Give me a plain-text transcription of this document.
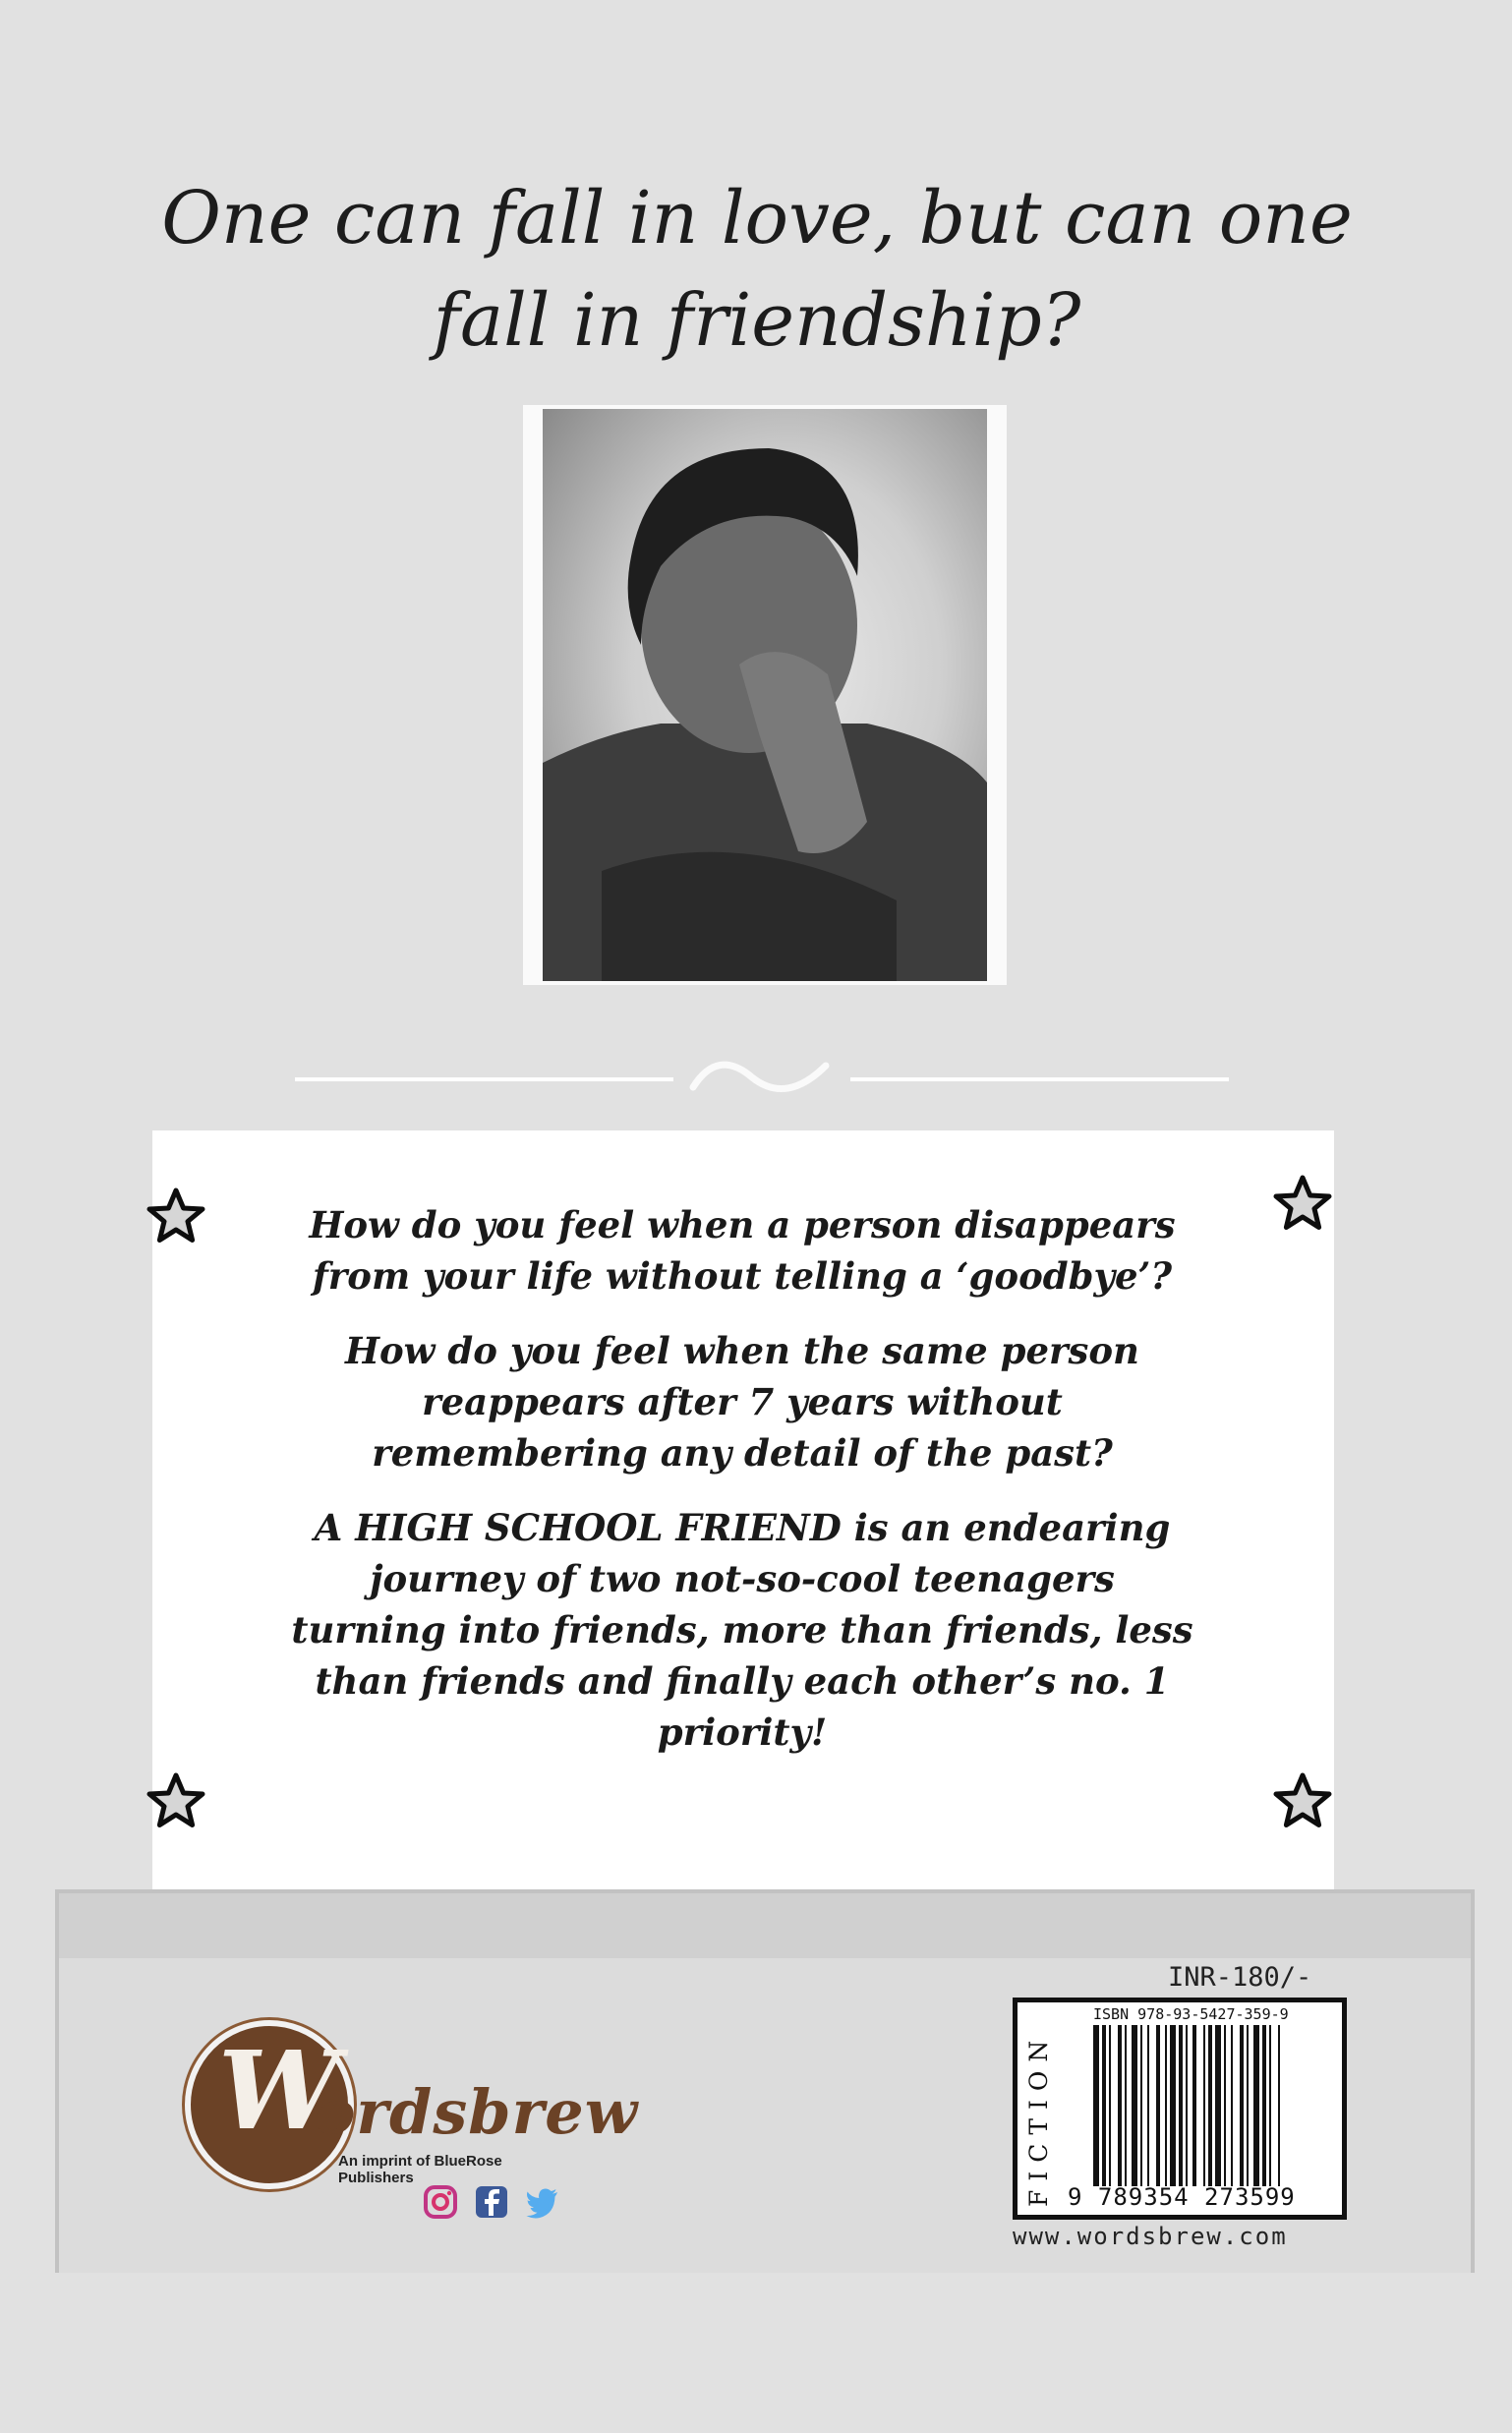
One can fall in love, but can one fall in friendship?

How do you feel when a person disappears from your life without telling a ‘goodbye’?

How do you feel when the same person reappears after 7 years without remembering any detail of the past?

A HIGH SCHOOL FRIEND is an endearing journey of two not-so-cool teenagers turning into friends, more than friends, less than friends and finally each other’s no. 1 priority!

W
ordsbrew
An imprint of BlueRose Publishers
INR-180/-
FICTION
ISBN 978-93-5427-359-9
9 789354 273599
www.wordsbrew.com
